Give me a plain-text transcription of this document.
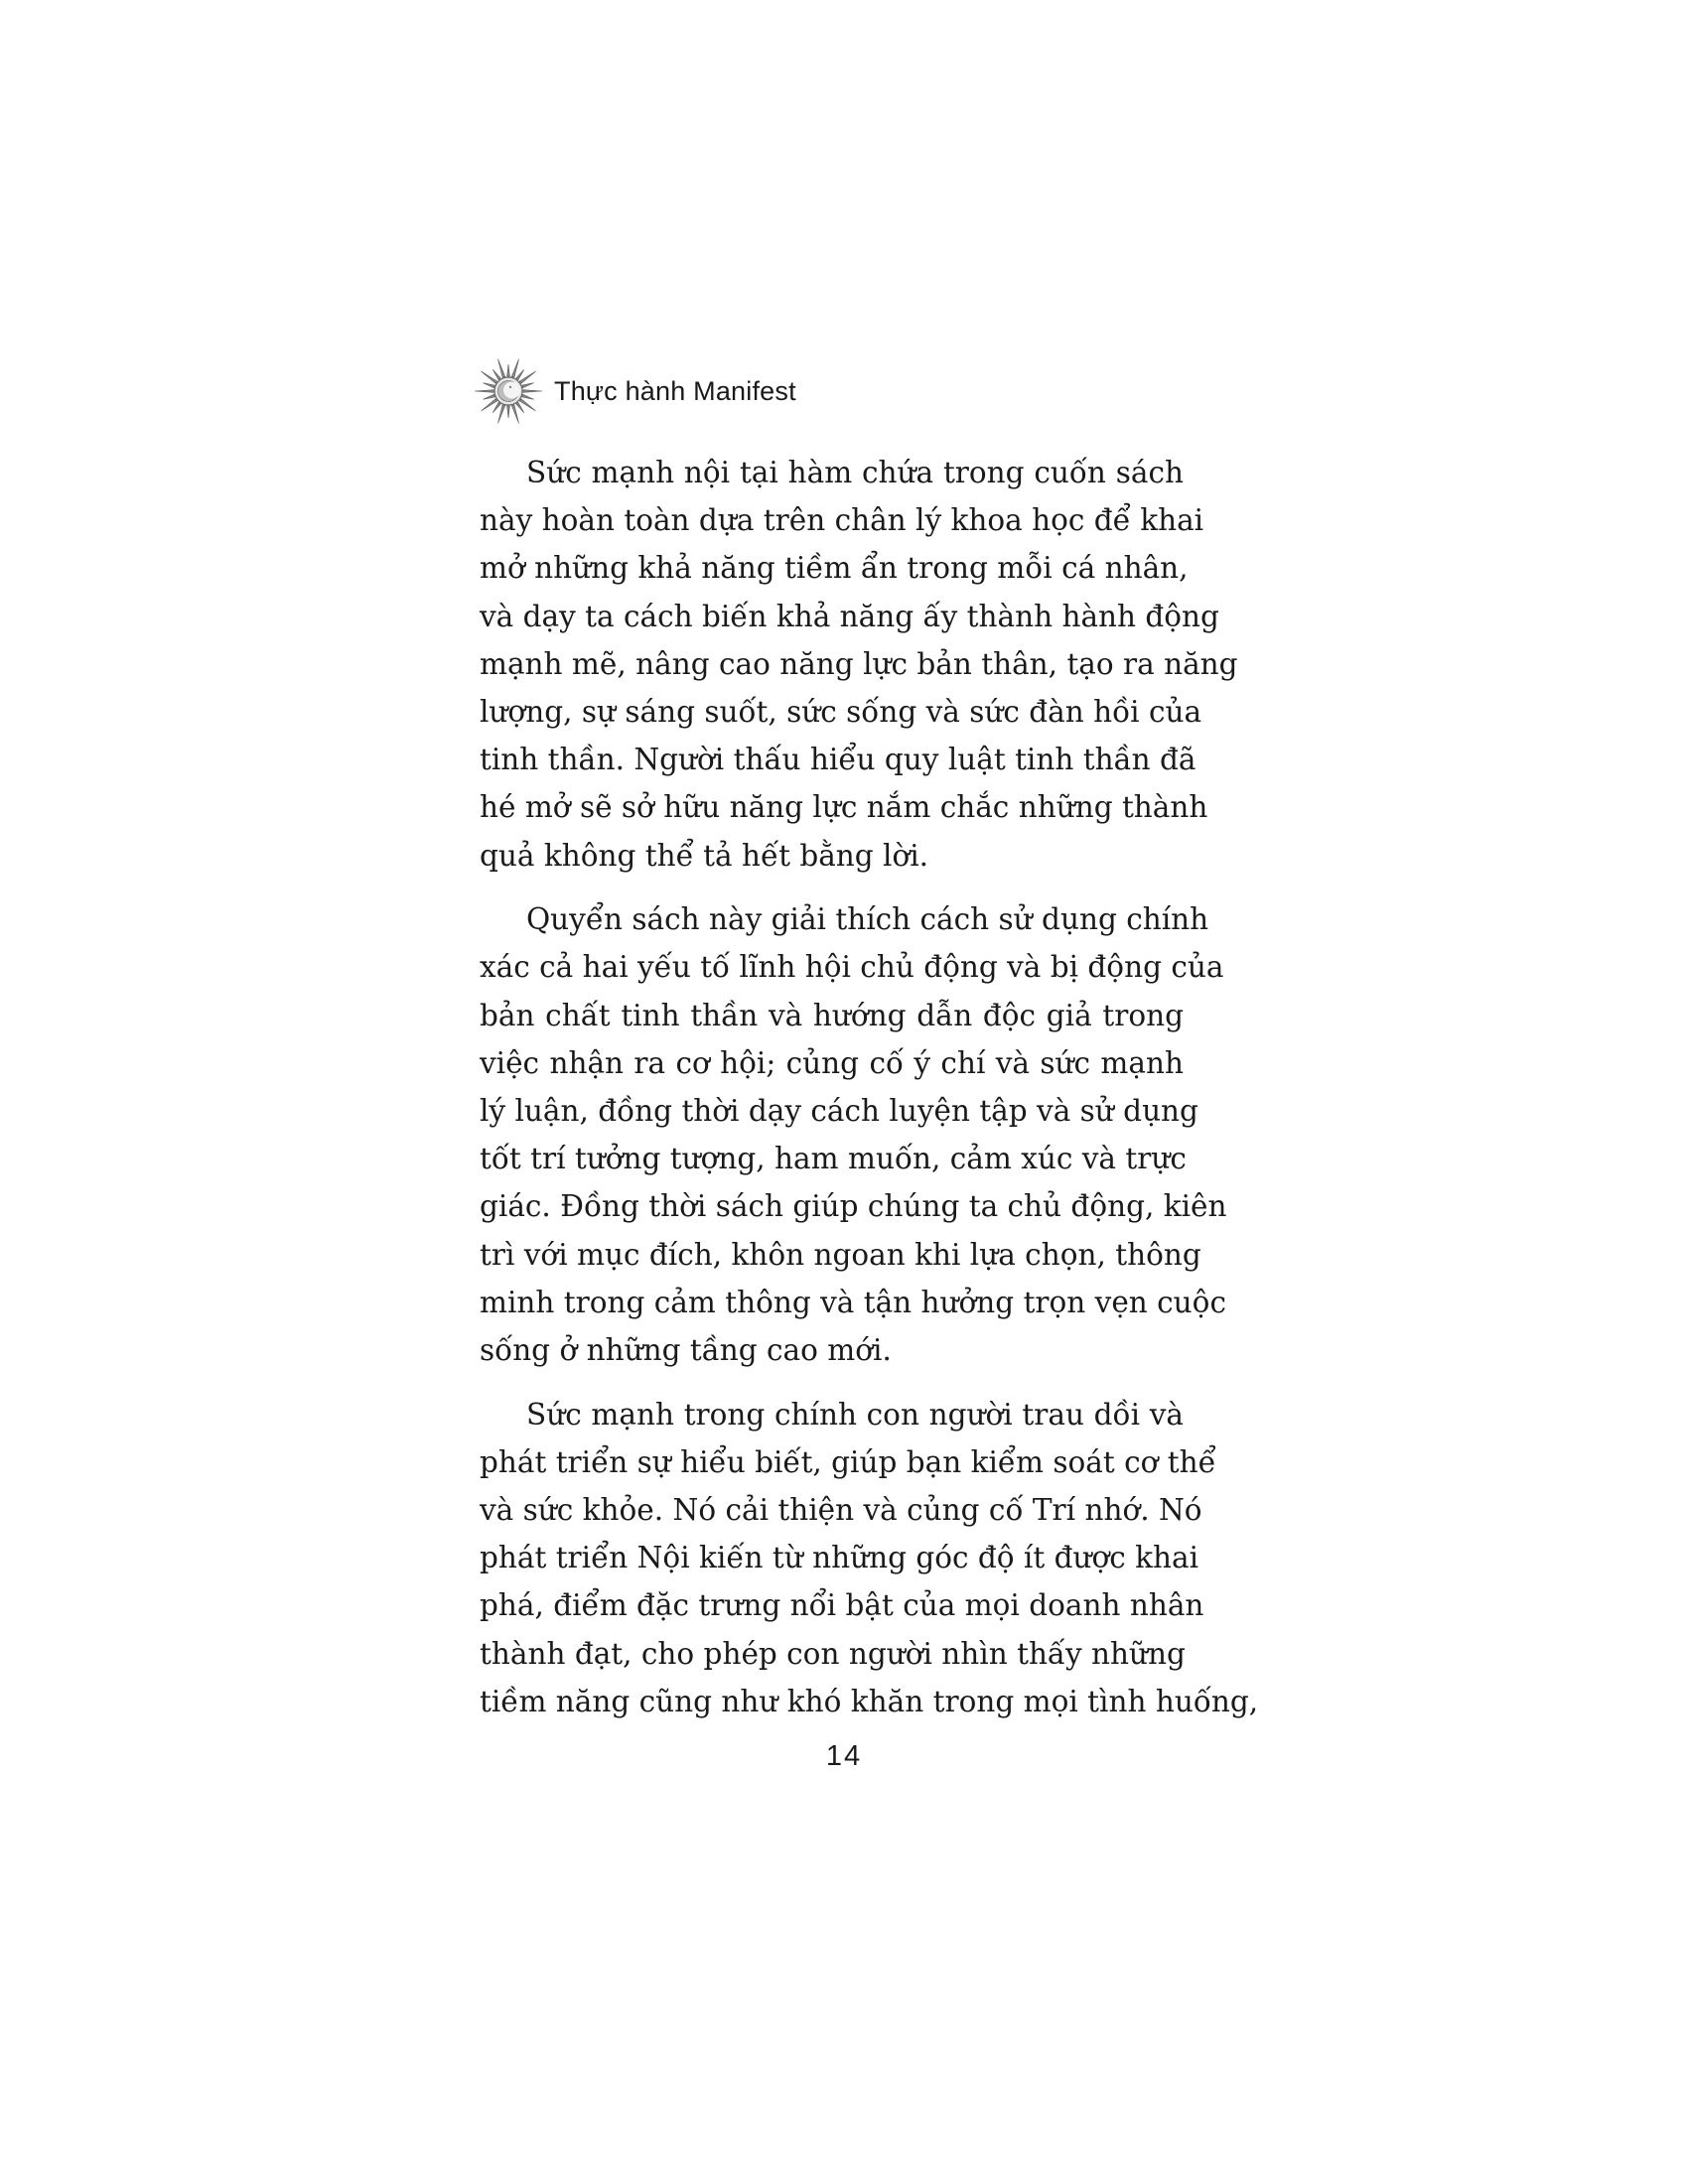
Thực hành Manifest
Sức mạnh nội tại hàm chứa trong cuốn sách
này hoàn toàn dựa trên chân lý khoa học để khai
mở những khả năng tiềm ẩn trong mỗi cá nhân,
và dạy ta cách biến khả năng ấy thành hành động
mạnh mẽ, nâng cao năng lực bản thân, tạo ra năng
lượng, sự sáng suốt, sức sống và sức đàn hồi của
tinh thần. Người thấu hiểu quy luật tinh thần đã
hé mở sẽ sở hữu năng lực nắm chắc những thành
quả không thể tả hết bằng lời.
Quyển sách này giải thích cách sử dụng chính
xác cả hai yếu tố lĩnh hội chủ động và bị động của
bản chất tinh thần và hướng dẫn độc giả trong
việc nhận ra cơ hội; củng cố ý chí và sức mạnh
lý luận, đồng thời dạy cách luyện tập và sử dụng
tốt trí tưởng tượng, ham muốn, cảm xúc và trực
giác. Đồng thời sách giúp chúng ta chủ động, kiên
trì với mục đích, khôn ngoan khi lựa chọn, thông
minh trong cảm thông và tận hưởng trọn vẹn cuộc
sống ở những tầng cao mới.
Sức mạnh trong chính con người trau dồi và
phát triển sự hiểu biết, giúp bạn kiểm soát cơ thể
và sức khỏe. Nó cải thiện và củng cố Trí nhớ. Nó
phát triển Nội kiến từ những góc độ ít được khai
phá, điểm đặc trưng nổi bật của mọi doanh nhân
thành đạt, cho phép con người nhìn thấy những
tiềm năng cũng như khó khăn trong mọi tình huống,
14
